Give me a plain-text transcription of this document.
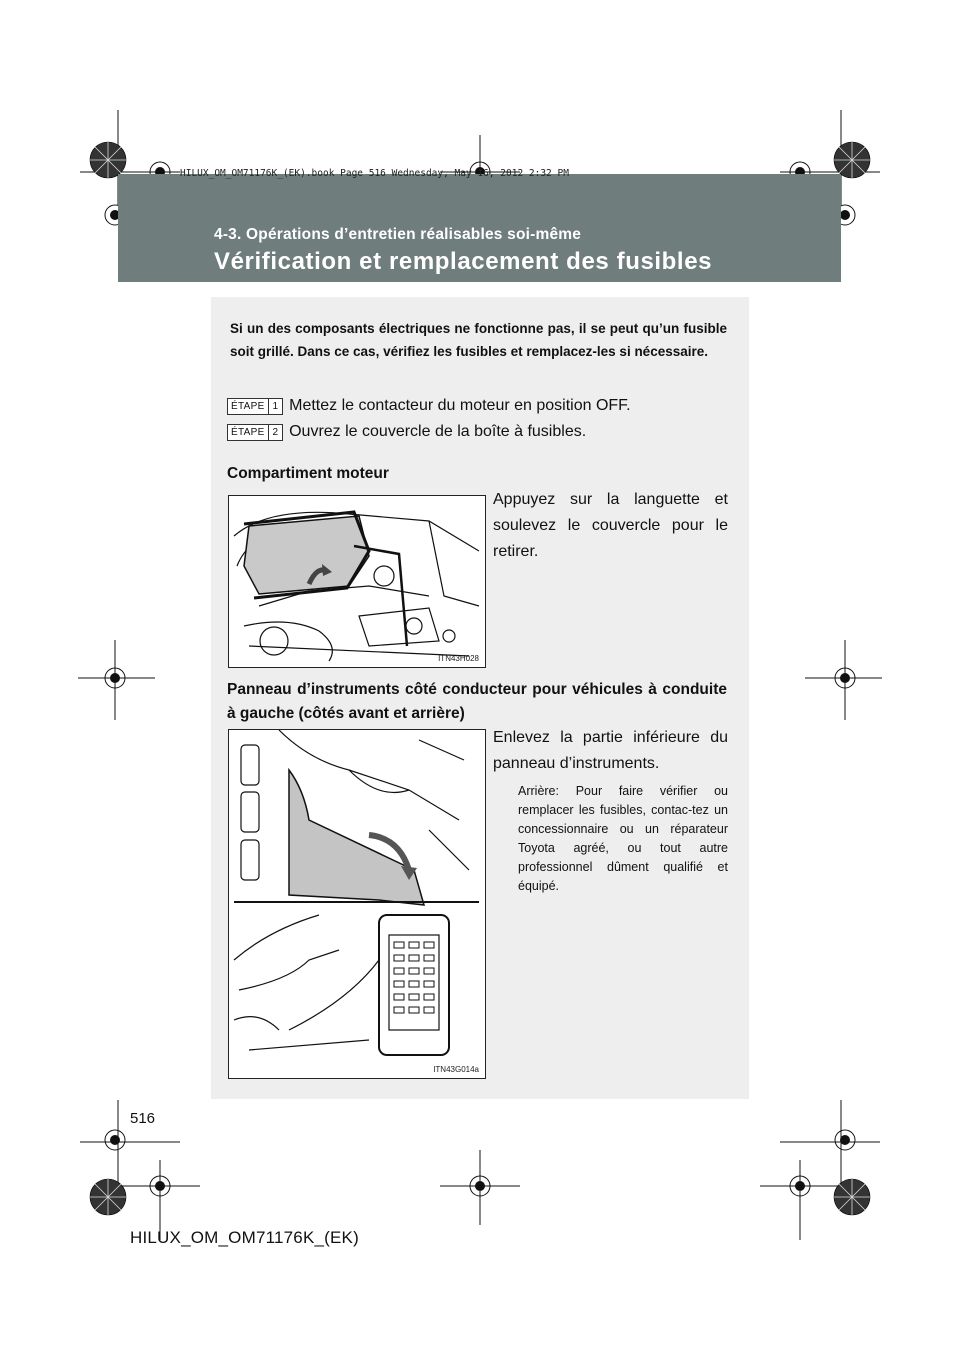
4-3. Opérations d’entretien réalisables soi-même
Vérification et remplacement des fusibles
HILUX_OM_OM71176K_(EK).book Page 516 Wednesday, May 16, 2012 2:32 PM
Si un des composants électriques ne fonctionne pas, il se peut qu’un fusible soit grillé. Dans ce cas, vérifiez les fusibles et remplacez-les si nécessaire.
ÉTAPE 1 Mettez le contacteur du moteur en position OFF.
ÉTAPE 2 Ouvrez le couvercle de la boîte à fusibles.
Compartiment moteur
ITN43H028
Appuyez sur la languette et soulevez le couvercle pour le retirer.
Panneau d’instruments côté conducteur pour véhicules à conduite à gauche (côtés avant et arrière)
ITN43G014a
Enlevez la partie inférieure du panneau d’instruments.
Arrière: Pour faire vérifier ou remplacer les fusibles, contac-tez un concessionnaire ou un réparateur Toyota agréé, ou tout autre professionnel dûment qualifié et équipé.
516
HILUX_OM_OM71176K_(EK)
